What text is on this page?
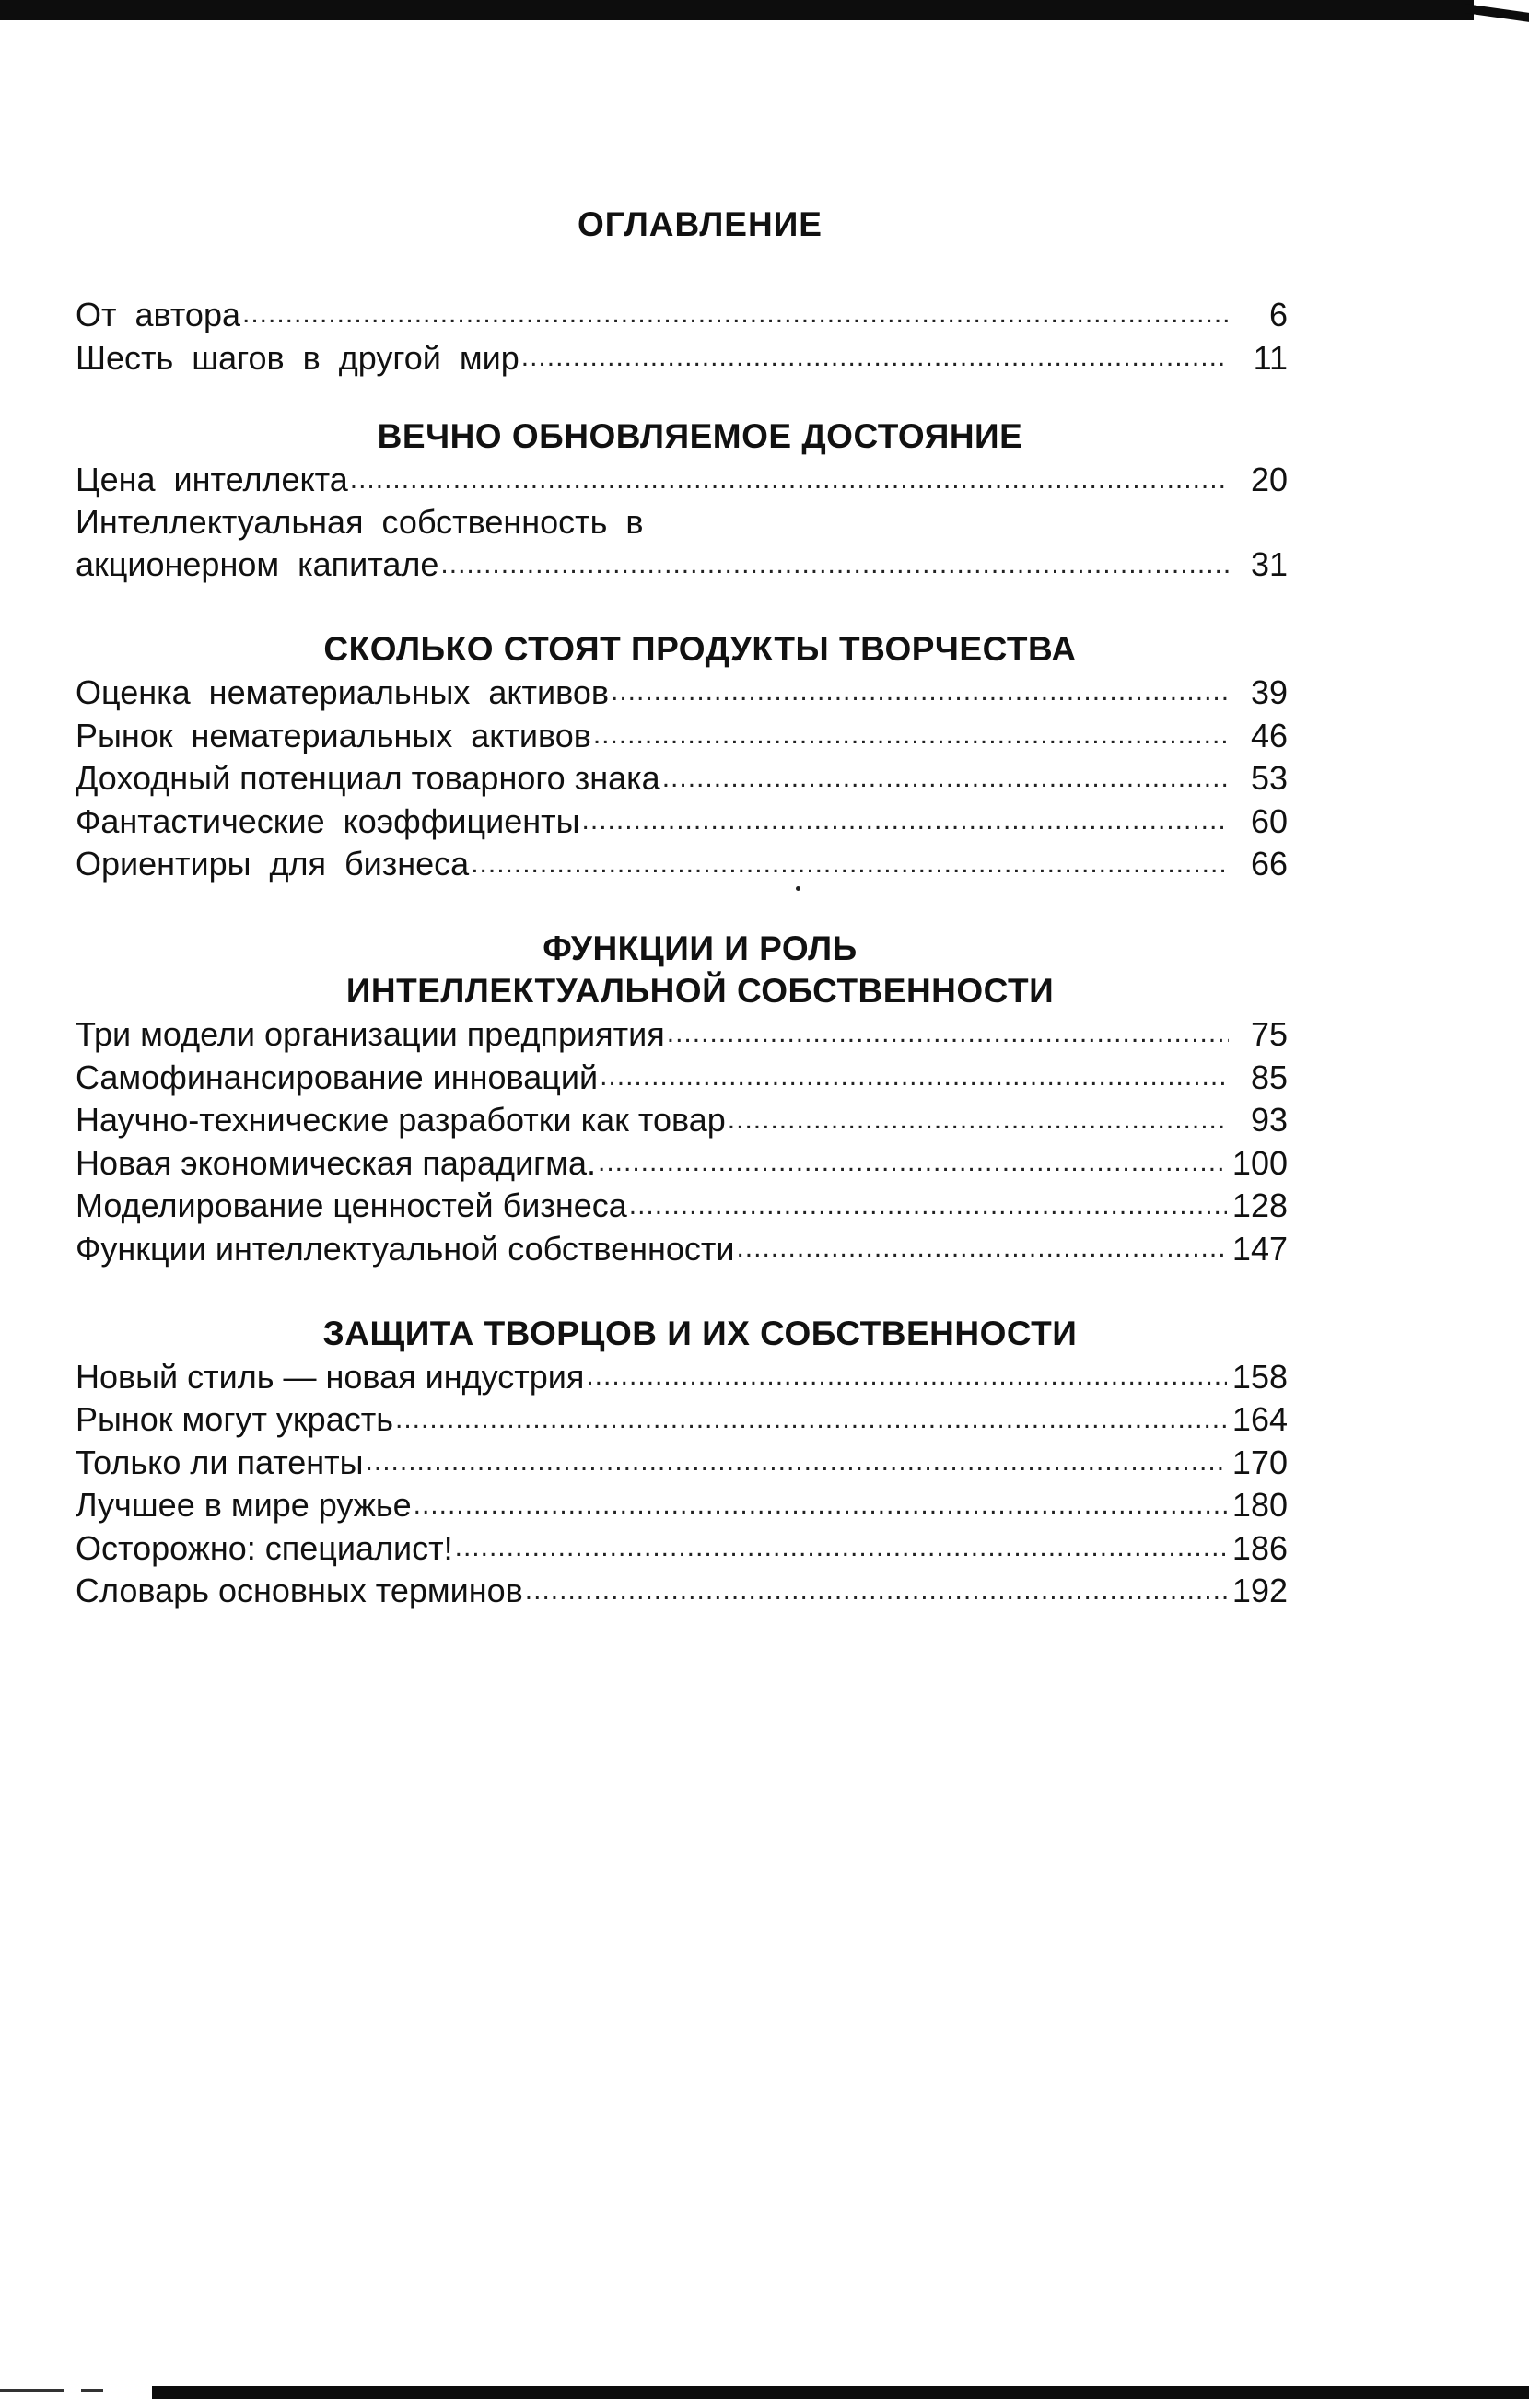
ОГЛАВЛЕНИЕ
От автора .....	6
Шесть шагов в другой мир .....	11
ВЕЧНО ОБНОВЛЯЕМОЕ ДОСТОЯНИЕ
Цена интеллекта .....	20
Интеллектуальная собственность в
акционерном капитале .....	31
СКОЛЬКО СТОЯТ ПРОДУКТЫ ТВОРЧЕСТВА
Оценка нематериальных активов .....	39
Рынок нематериальных активов .....	46
Доходный потенциал товарного знака .....	53
Фантастические коэффициенты .....	60
Ориентиры для бизнеса .....	66
ФУНКЦИИ И РОЛЬ
ИНТЕЛЛЕКТУАЛЬНОЙ СОБСТВЕННОСТИ
Три модели организации предприятия .....	75
Самофинансирование инноваций .....	85
Научно-технические разработки как товар .....	93
Новая экономическая парадигма. .....	100
Моделирование ценностей бизнеса .....	128
Функции интеллектуальной собственности .....	147
ЗАЩИТА ТВОРЦОВ И ИХ СОБСТВЕННОСТИ
Новый стиль — новая индустрия .....	158
Рынок могут украсть .....	164
Только ли патенты .....	170
Лучшее в мире ружье .....	180
Осторожно: специалист! .....	186
Словарь основных терминов .....	192
